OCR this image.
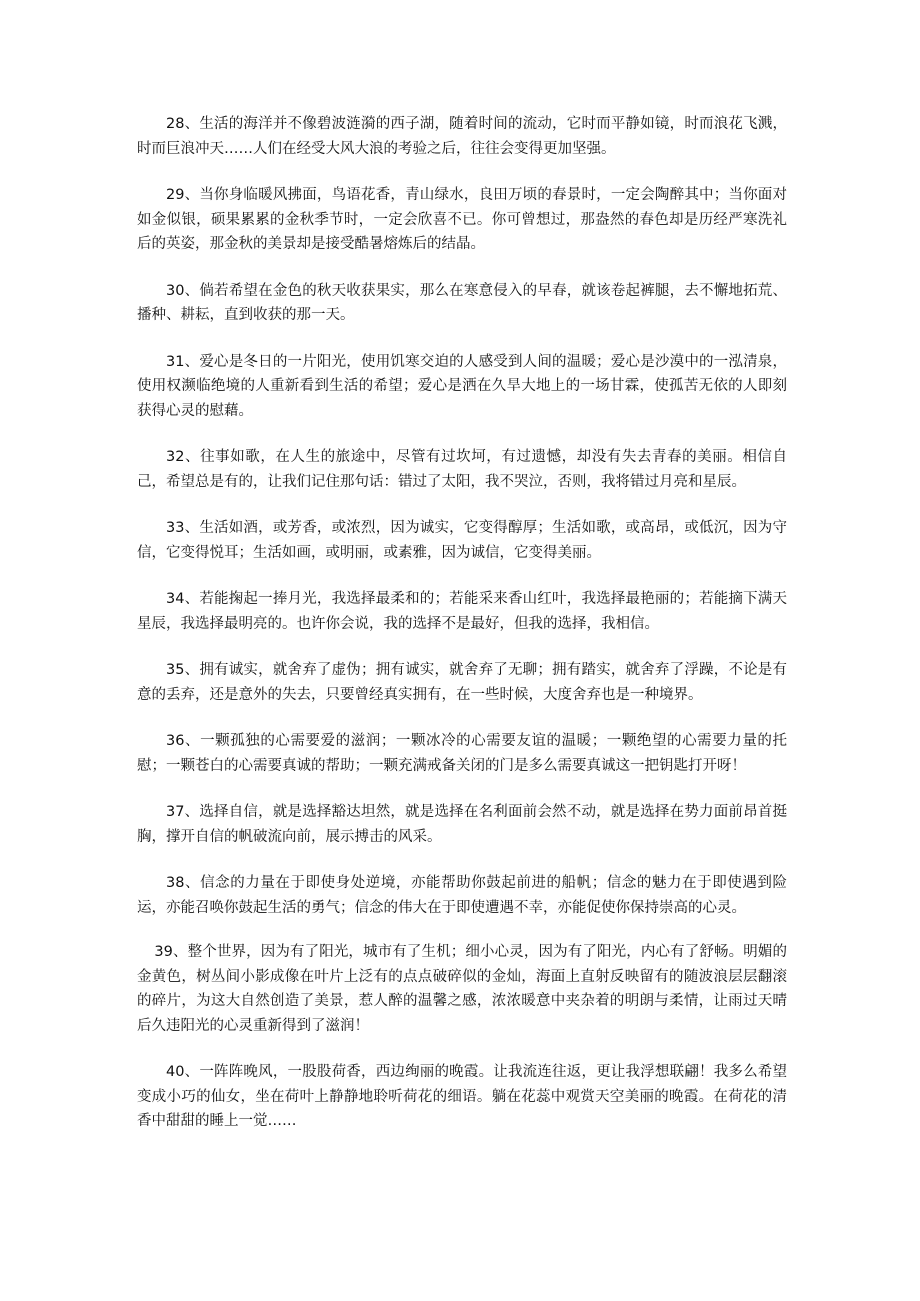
28、生活的海洋并不像碧波涟漪的西子湖，随着时间的流动，它时而平静如镜，时而浪花飞溅，时而巨浪冲天……人们在经受大风大浪的考验之后，往往会变得更加坚强。

29、当你身临暖风拂面，鸟语花香，青山绿水，良田万顷的春景时，一定会陶醉其中；当你面对如金似银，硕果累累的金秋季节时，一定会欣喜不已。你可曾想过，那盎然的春色却是历经严寒洗礼后的英姿，那金秋的美景却是接受酷暑熔炼后的结晶。

30、倘若希望在金色的秋天收获果实，那么在寒意侵入的早春，就该卷起裤腿，去不懈地拓荒、播种、耕耘，直到收获的那一天。

31、爱心是冬日的一片阳光，使用饥寒交迫的人感受到人间的温暖；爱心是沙漠中的一泓清泉，使用权濒临绝境的人重新看到生活的希望；爱心是洒在久旱大地上的一场甘霖，使孤苦无依的人即刻获得心灵的慰藉。

32、往事如歌，在人生的旅途中，尽管有过坎坷，有过遗憾，却没有失去青春的美丽。相信自己，希望总是有的，让我们记住那句话：错过了太阳，我不哭泣，否则，我将错过月亮和星辰。

33、生活如酒，或芳香，或浓烈，因为诚实，它变得醇厚；生活如歌，或高昂，或低沉，因为守信，它变得悦耳；生活如画，或明丽，或素雅，因为诚信，它变得美丽。

34、若能掬起一捧月光，我选择最柔和的；若能采来香山红叶，我选择最艳丽的；若能摘下满天星辰，我选择最明亮的。也许你会说，我的选择不是最好，但我的选择，我相信。

35、拥有诚实，就舍弃了虚伪；拥有诚实，就舍弃了无聊；拥有踏实，就舍弃了浮躁，不论是有意的丢弃，还是意外的失去，只要曾经真实拥有，在一些时候，大度舍弃也是一种境界。

36、一颗孤独的心需要爱的滋润；一颗冰冷的心需要友谊的温暖；一颗绝望的心需要力量的托慰；一颗苍白的心需要真诚的帮助；一颗充满戒备关闭的门是多么需要真诚这一把钥匙打开呀！

37、选择自信，就是选择豁达坦然，就是选择在名利面前会然不动，就是选择在势力面前昂首挺胸，撑开自信的帆破流向前，展示搏击的风采。

38、信念的力量在于即使身处逆境，亦能帮助你鼓起前进的船帆；信念的魅力在于即使遇到险运，亦能召唤你鼓起生活的勇气；信念的伟大在于即使遭遇不幸，亦能促使你保持崇高的心灵。

39、整个世界，因为有了阳光，城市有了生机；细小心灵，因为有了阳光，内心有了舒畅。明媚的金黄色，树丛间小影成像在叶片上泛有的点点破碎似的金灿，海面上直射反映留有的随波浪层层翻滚的碎片，为这大自然创造了美景，惹人醉的温馨之感，浓浓暖意中夹杂着的明朗与柔情，让雨过天晴后久违阳光的心灵重新得到了滋润！

40、一阵阵晚风，一股股荷香，西边绚丽的晚霞。让我流连往返，更让我浮想联翩！我多么希望变成小巧的仙女，坐在荷叶上静静地聆听荷花的细语。躺在花蕊中观赏天空美丽的晚霞。在荷花的清香中甜甜的睡上一觉……
